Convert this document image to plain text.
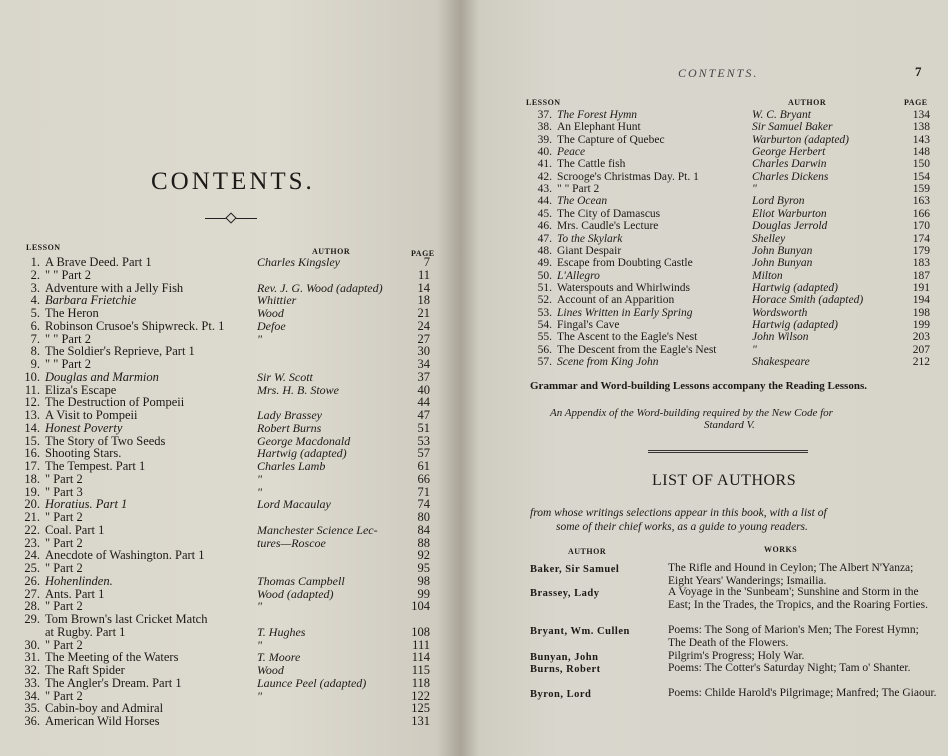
CONTENTS.
LESSON	AUTHOR	PAGE
1. A Brave Deed. Part 1	Charles Kingsley	7
2. " " Part 2	11
3. Adventure with a Jelly Fish	Rev. J. G. Wood (adapted)	14
4. Barbara Frietchie	Whittier	18
5. The Heron	Wood	21
6. Robinson Crusoe's Shipwreck. Pt. 1	Defoe	24
7. " " Part 2	"	27
8. The Soldier's Reprieve, Part 1	30
9. " " Part 2	34
10. Douglas and Marmion	Sir W. Scott	37
11. Eliza's Escape	Mrs. H. B. Stowe	40
12. The Destruction of Pompeii	44
13. A Visit to Pompeii	Lady Brassey	47
14. Honest Poverty	Robert Burns	51
15. The Story of Two Seeds	George Macdonald	53
16. Shooting Stars.	Hartwig (adapted)	57
17. The Tempest. Part 1	Charles Lamb	61
18. " Part 2	"	66
19. " Part 3	"	71
20. Horatius. Part 1	Lord Macaulay	74
21. " Part 2	80
22. Coal. Part 1	Manchester Science Lec-	84
23. " Part 2	tures—Roscoe	88
24. Anecdote of Washington. Part 1	92
25. " Part 2	95
26. Hohenlinden.	Thomas Campbell	98
27. Ants. Part 1	Wood (adapted)	99
28. " Part 2	"	104
29. Tom Brown's last Cricket Match
at Rugby. Part 1	T. Hughes	108
30. " Part 2	"	111
31. The Meeting of the Waters	T. Moore	114
32. The Raft Spider	Wood	115
33. The Angler's Dream. Part 1	Launce Peel (adapted)	118
34. " Part 2	"	122
35. Cabin-boy and Admiral	125
36. American Wild Horses	131
CONTENTS.	7
LESSON	AUTHOR	PAGE
37. The Forest Hymn	W. C. Bryant	134
38. An Elephant Hunt	Sir Samuel Baker	138
39. The Capture of Quebec	Warburton (adapted)	143
40. Peace	George Herbert	148
41. The Cattle fish	Charles Darwin	150
42. Scrooge's Christmas Day. Pt. 1	Charles Dickens	154
43. " " Part 2	"	159
44. The Ocean	Lord Byron	163
45. The City of Damascus	Eliot Warburton	166
46. Mrs. Caudle's Lecture	Douglas Jerrold	170
47. To the Skylark	Shelley	174
48. Giant Despair	John Bunyan	179
49. Escape from Doubting Castle	John Bunyan	183
50. L'Allegro	Milton	187
51. Waterspouts and Whirlwinds	Hartwig (adapted)	191
52. Account of an Apparition	Horace Smith (adapted)	194
53. Lines Written in Early Spring	Wordsworth	198
54. Fingal's Cave	Hartwig (adapted)	199
55. The Ascent to the Eagle's Nest	John Wilson	203
56. The Descent from the Eagle's Nest	"	207
57. Scene from King John	Shakespeare	212
Grammar and Word-building Lessons accompany the Reading Lessons.
An Appendix of the Word-building required by the New Code for
Standard V.
LIST OF AUTHORS
from whose writings selections appear in this book, with a list of
some of their chief works, as a guide to young readers.
AUTHOR	WORKS
Baker, Sir Samuel	The Rifle and Hound in Ceylon; The Albert N'Yanza; Eight Years' Wanderings; Ismailia.
Brassey, Lady	A Voyage in the 'Sunbeam'; Sunshine and Storm in the East; In the Trades, the Tropics, and the Roaring Forties.
Bryant, Wm. Cullen	Poems: The Song of Marion's Men; The Forest Hymn; The Death of the Flowers.
Bunyan, John	Pilgrim's Progress; Holy War.
Burns, Robert	Poems: The Cotter's Saturday Night; Tam o' Shanter.
Byron, Lord	Poems: Childe Harold's Pilgrimage; Manfred; The Giaour.
